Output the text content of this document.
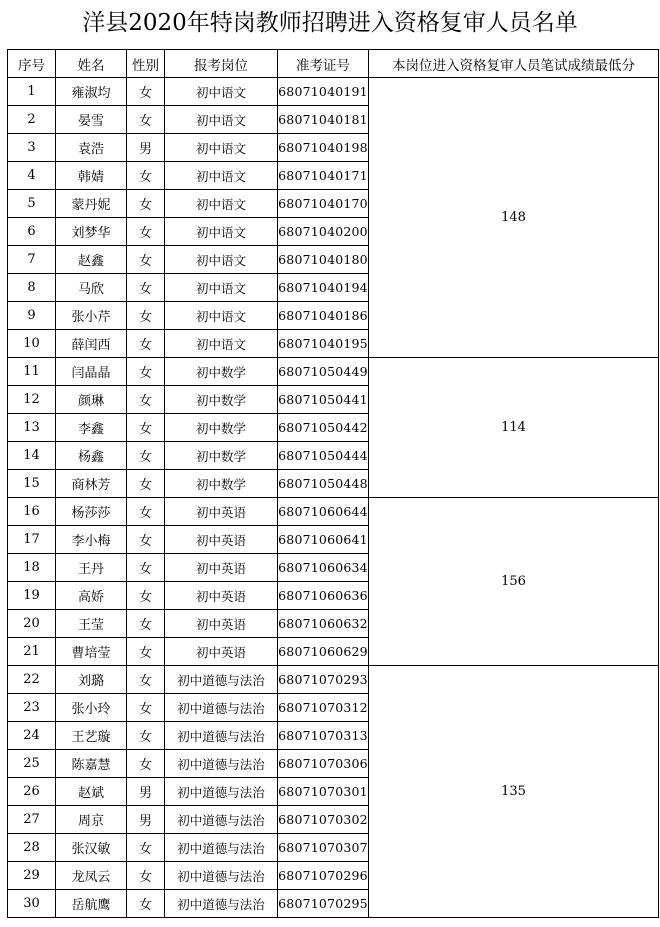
洋县2020年特岗教师招聘进入资格复审人员名单
序号	姓名	性别	报考岗位	准考证号	本岗位进入资格复审人员笔试成绩最低分
1	雍淑均	女	初中语文	68071040191	148
2	晏雪	女	初中语文	68071040181	
3	袁浩	男	初中语文	68071040198	
4	韩婧	女	初中语文	68071040171	
5	蒙丹妮	女	初中语文	68071040170	
6	刘梦华	女	初中语文	68071040200	
7	赵鑫	女	初中语文	68071040180	
8	马欣	女	初中语文	68071040194	
9	张小芹	女	初中语文	68071040186	
10	薛闰西	女	初中语文	68071040195	
11	闫晶晶	女	初中数学	68071050449	114
12	颜琳	女	初中数学	68071050441	
13	李鑫	女	初中数学	68071050442	
14	杨鑫	女	初中数学	68071050444	
15	商林芳	女	初中数学	68071050448	
16	杨莎莎	女	初中英语	68071060644	156
17	李小梅	女	初中英语	68071060641	
18	王丹	女	初中英语	68071060634	
19	高娇	女	初中英语	68071060636	
20	王莹	女	初中英语	68071060632	
21	曹培莹	女	初中英语	68071060629	
22	刘璐	女	初中道德与法治	68071070293	135
23	张小玲	女	初中道德与法治	68071070312	
24	王艺璇	女	初中道德与法治	68071070313	
25	陈嘉慧	女	初中道德与法治	68071070306	
26	赵斌	男	初中道德与法治	68071070301	
27	周京	男	初中道德与法治	68071070302	
28	张汉敏	女	初中道德与法治	68071070307	
29	龙凤云	女	初中道德与法治	68071070296	
30	岳航鹰	女	初中道德与法治	68071070295	
